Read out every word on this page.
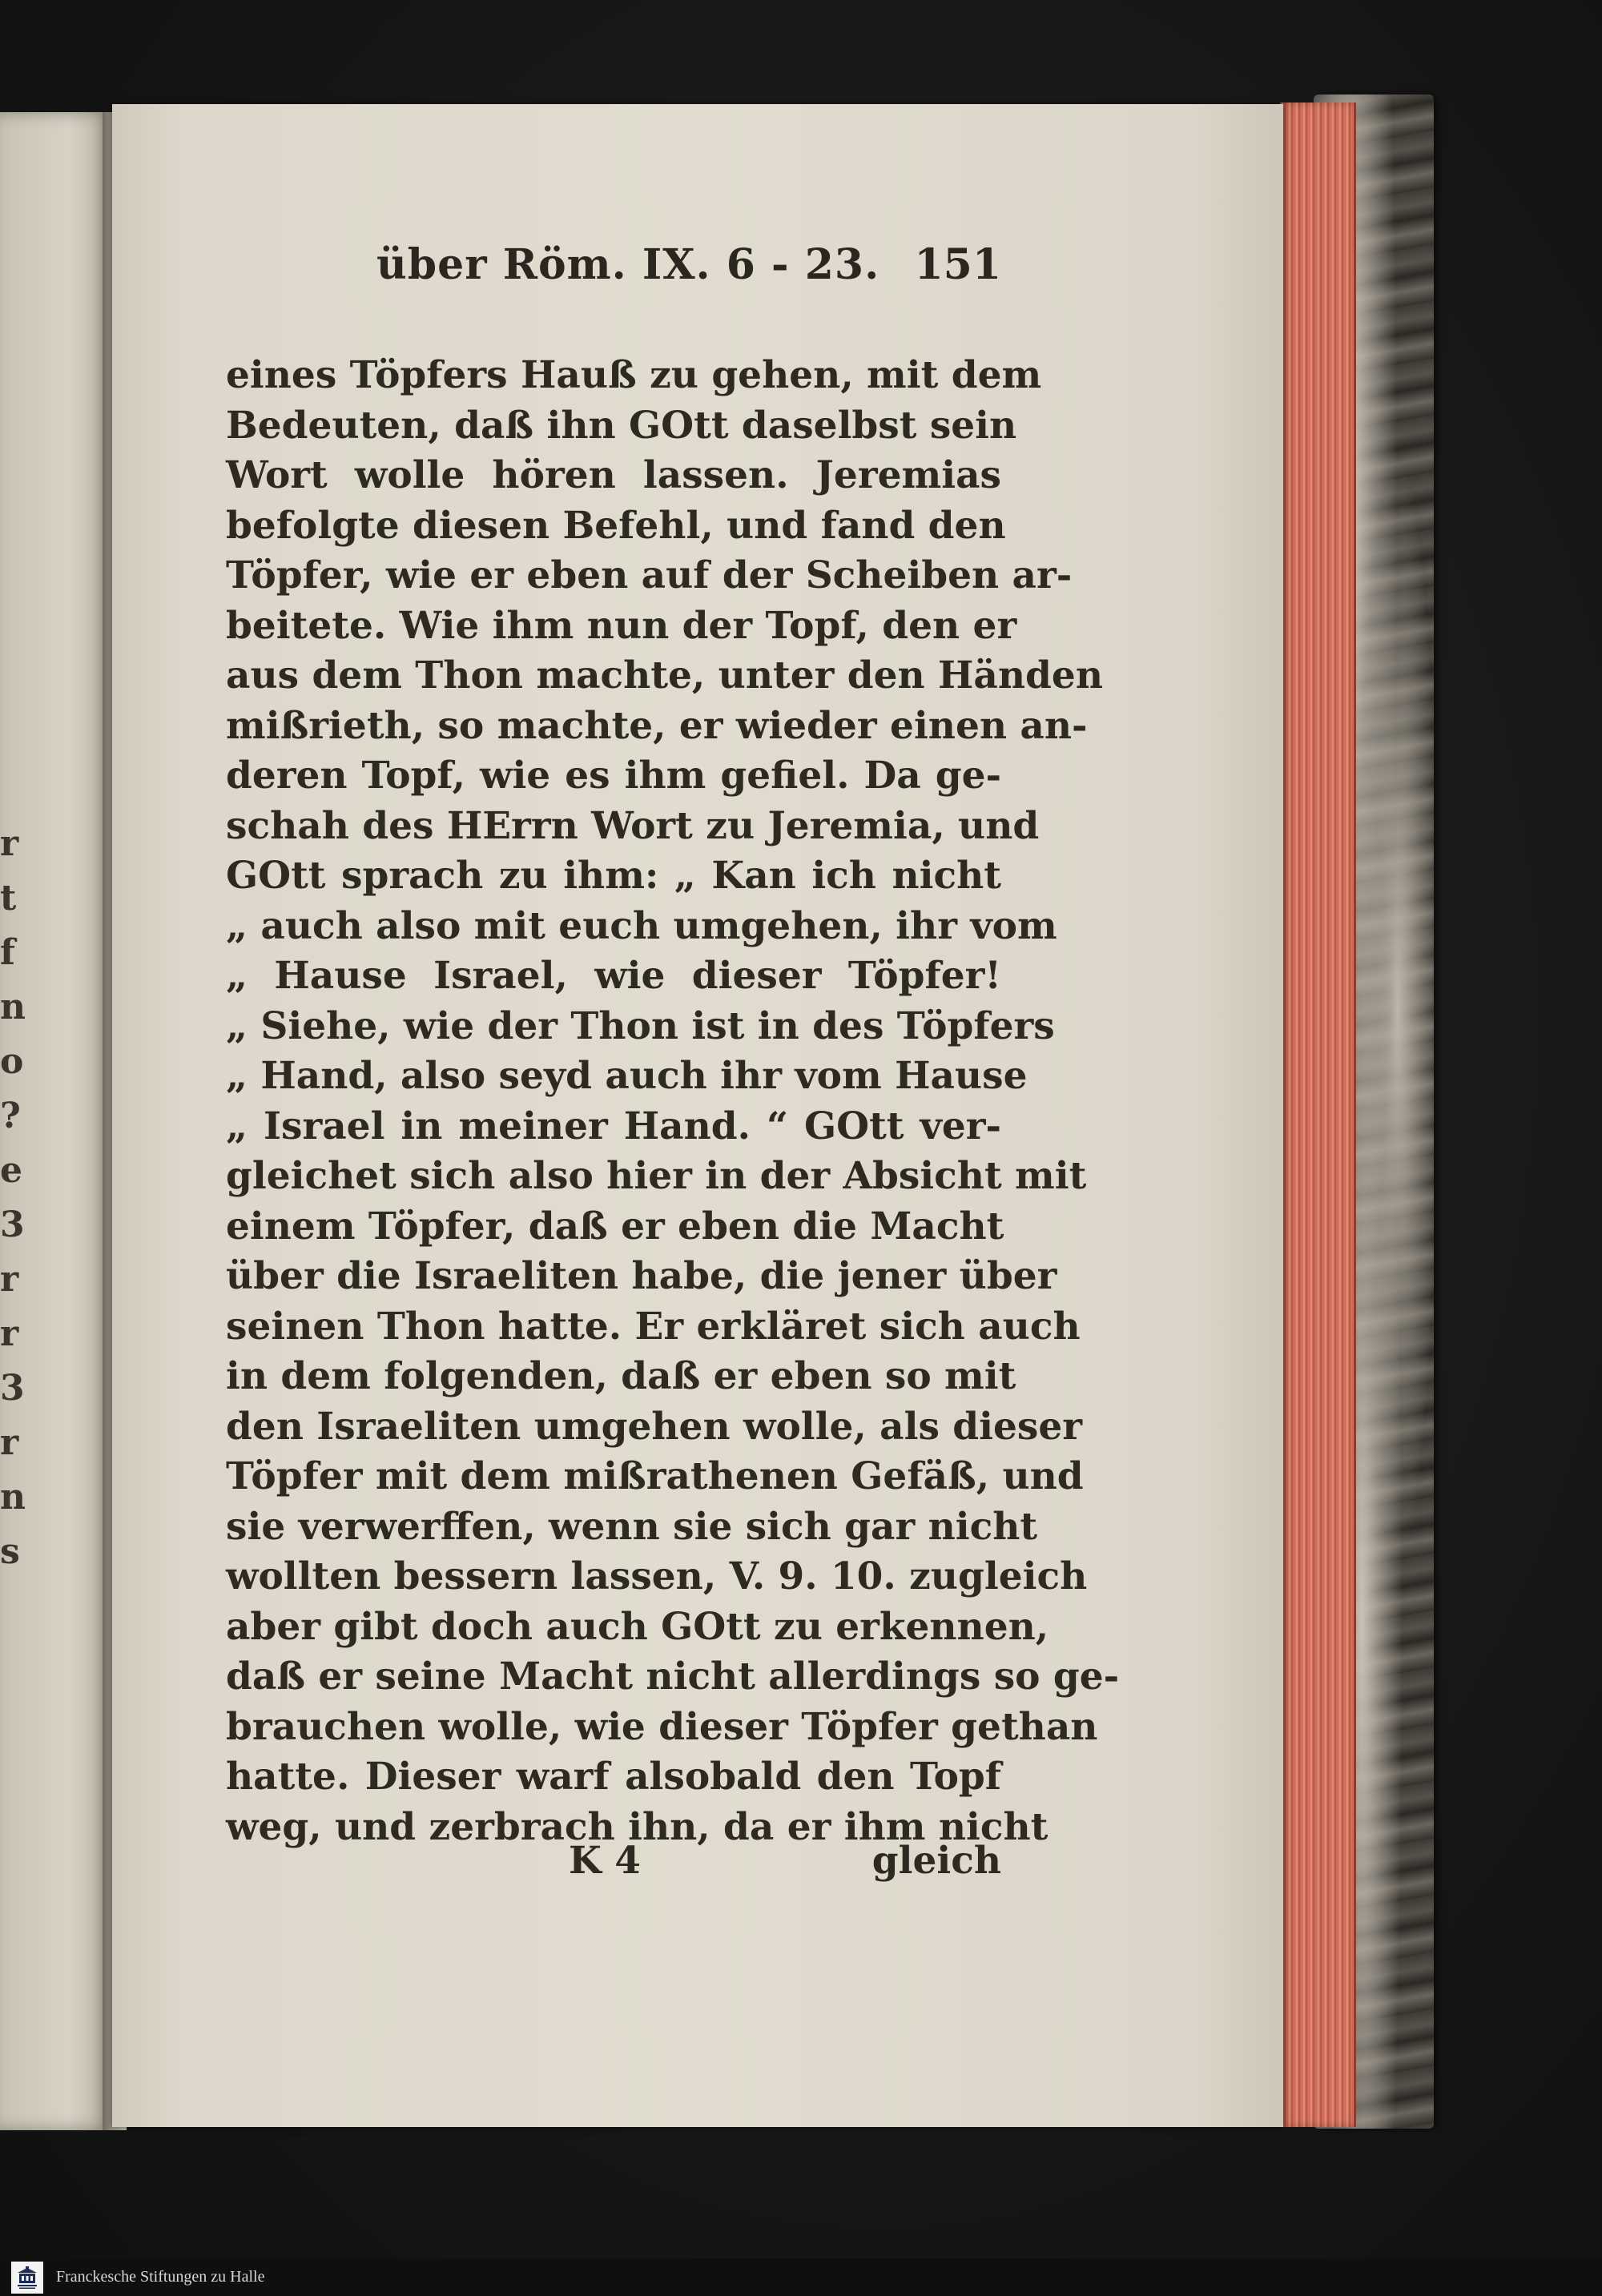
r
t
f
n
o
?
e
3
r
r
3
r
n
s
über Röm. IX. 6 - 23. 151
eines Töpfers Hauß zu gehen, mit dem
Bedeuten, daß ihn GOtt daselbst sein
Wort wolle hören lassen. Jeremias
befolgte diesen Befehl, und fand den
Töpfer, wie er eben auf der Scheiben ar-
beitete. Wie ihm nun der Topf, den er
aus dem Thon machte, unter den Händen
mißrieth, so machte, er wieder einen an-
deren Topf, wie es ihm gefiel. Da ge-
schah des HErrn Wort zu Jeremia, und
GOtt sprach zu ihm: „ Kan ich nicht
„ auch also mit euch umgehen, ihr vom
„ Hause Israel, wie dieser Töpfer!
„ Siehe, wie der Thon ist in des Töpfers
„ Hand, also seyd auch ihr vom Hause
„ Israel in meiner Hand. “ GOtt ver-
gleichet sich also hier in der Absicht mit
einem Töpfer, daß er eben die Macht
über die Israeliten habe, die jener über
seinen Thon hatte. Er erkläret sich auch
in dem folgenden, daß er eben so mit
den Israeliten umgehen wolle, als dieser
Töpfer mit dem mißrathenen Gefäß, und
sie verwerffen, wenn sie sich gar nicht
wollten bessern lassen, V. 9. 10. zugleich
aber gibt doch auch GOtt zu erkennen,
daß er seine Macht nicht allerdings so ge-
brauchen wolle, wie dieser Töpfer gethan
hatte. Dieser warf alsobald den Topf
weg, und zerbrach ihn, da er ihm nicht
K 4	gleich
Franckesche Stiftungen zu Halle
